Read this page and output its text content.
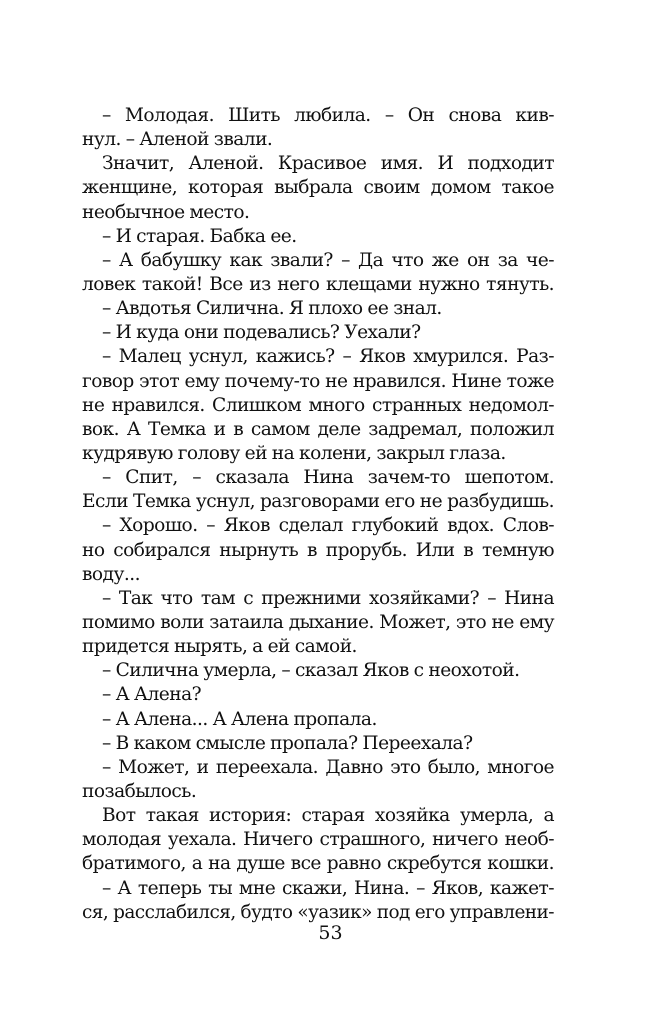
– Молодая. Шить любила. – Он снова кив-
нул. – Аленой звали.
Значит, Аленой. Красивое имя. И подходит
женщине, которая выбрала своим домом такое
необычное место.
– И старая. Бабка ее.
– А бабушку как звали? – Да что же он за че-
ловек такой! Все из него клещами нужно тянуть.
– Авдотья Силична. Я плохо ее знал.
– И куда они подевались? Уехали?
– Малец уснул, кажись? – Яков хмурился. Раз-
говор этот ему почему-то не нравился. Нине тоже
не нравился. Слишком много странных недомол-
вок. А Темка и в самом деле задремал, положил
кудрявую голову ей на колени, закрыл глаза.
– Спит, – сказала Нина зачем-то шепотом.
Если Темка уснул, разговорами его не разбудишь.
– Хорошо. – Яков сделал глубокий вдох. Слов-
но собирался нырнуть в прорубь. Или в темную
воду...
– Так что там с прежними хозяйками? – Нина
помимо воли затаила дыхание. Может, это не ему
придется нырять, а ей самой.
– Силична умерла, – сказал Яков с неохотой.
– А Алена?
– А Алена... А Алена пропала.
– В каком смысле пропала? Переехала?
– Может, и переехала. Давно это было, многое
позабылось.
Вот такая история: старая хозяйка умерла, а
молодая уехала. Ничего страшного, ничего необ-
братимого, а на душе все равно скребутся кошки.
– А теперь ты мне скажи, Нина. – Яков, кажет-
ся, расслабился, будто «уазик» под его управлени-
53
